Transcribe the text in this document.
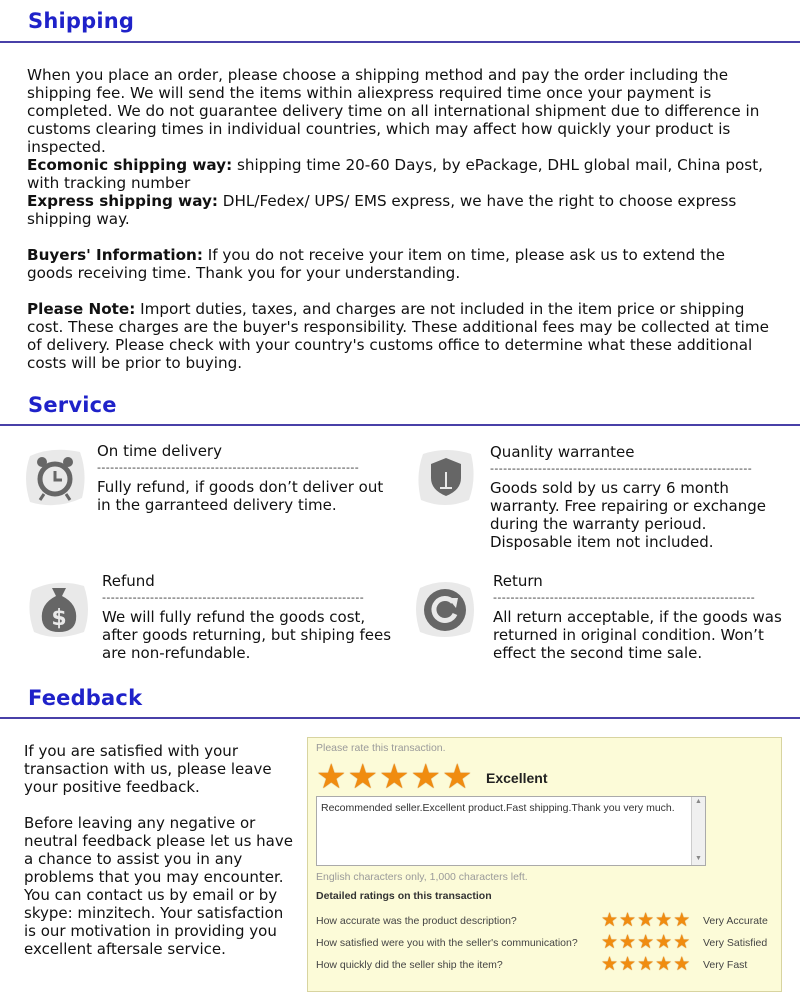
Shipping

When you place an order, please choose a shipping method and pay the order including the shipping fee. We will send the items within aliexpress required time once your payment is completed. We do not guarantee delivery time on all international shipment due to difference in customs clearing times in individual countries, which may affect how quickly your product is inspected.

Ecomonic shipping way: shipping time 20-60 Days, by ePackage, DHL global mail, China post, with tracking number

Express shipping way: DHL/Fedex/ UPS/ EMS express, we have the right to choose express shipping way.

Buyers' Information: If you do not receive your item on time, please ask us to extend the goods receiving time. Thank you for your understanding.

Please Note: Import duties, taxes, and charges are not included in the item price or shipping cost. These charges are the buyer's responsibility. These additional fees may be collected at time of delivery. Please check with your country's customs office to determine what these additional costs will be prior to buying.

Service
On time delivery
------------------------------------------------------------
Fully refund, if goods don’t deliver out in the garranteed delivery time.
Quanlity warrantee
------------------------------------------------------------
Goods sold by us carry 6 month warranty. Free repairing or exchange during the warranty perioud. Disposable item not included.
$
Refund
------------------------------------------------------------
We will fully refund the goods cost, after goods returning, but shiping fees are non-refundable.
Return
------------------------------------------------------------
All return acceptable, if the goods was returned in original condition. Won’t effect the second time sale.
Feedback

If you are satisfied with your transaction with us, please leave your positive feedback.

Before leaving any negative or neutral feedback please let us have a chance to assist you in any problems that you may encounter.

You can contact us by email or by skype: minzitech. Your satisfaction is our motivation in providing you excellent aftersale service.

Please rate this transaction.
★ ★ ★ ★ ★ Excellent
Recommended seller.Excellent product.Fast shipping.Thank you very much.
▲
▼
English characters only, 1,000 characters left.
Detailed ratings on this transaction
How accurate was the product description?	★ ★ ★ ★ ★ Very Accurate
How satisfied were you with the seller's communication? ★ ★ ★ ★ ★ Very Satisfied
How quickly did the seller ship the item?	★ ★ ★ ★ ★ Very Fast
